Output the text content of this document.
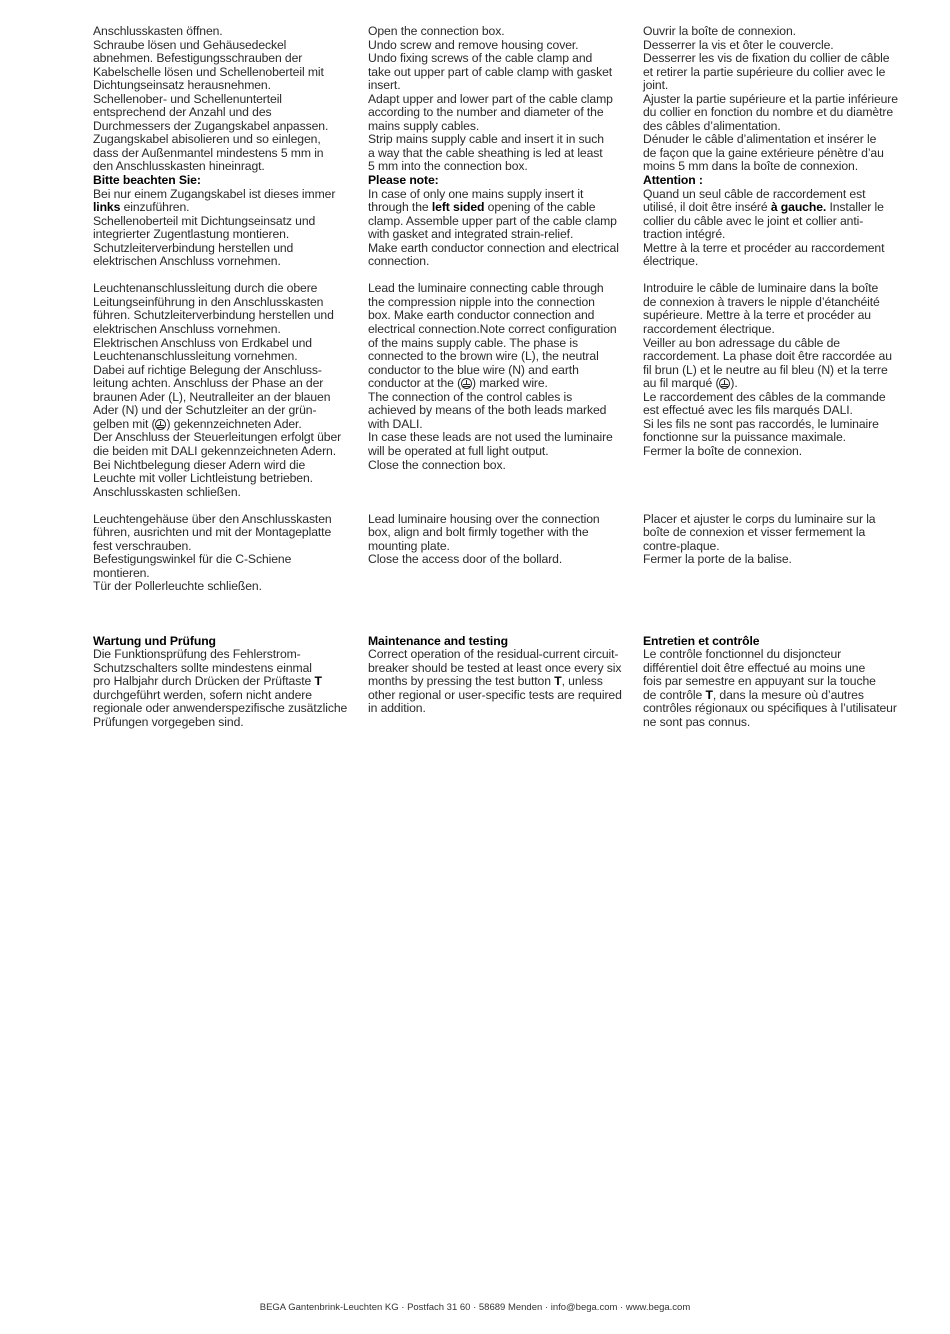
Anschlusskasten öffnen.
Schraube lösen und Gehäusedeckel
abnehmen. Befestigungsschrauben der
Kabelschelle lösen und Schellenoberteil mit
Dichtungseinsatz herausnehmen.
Schellenober- und Schellenunterteil
entsprechend der Anzahl und des
Durchmessers der Zugangskabel anpassen.
Zugangskabel abisolieren und so einlegen,
dass der Außenmantel mindestens 5 mm in
den Anschlusskasten hineinragt.
Bitte beachten Sie:
Bei nur einem Zugangskabel ist dieses immer
links einzuführen.
Schellenoberteil mit Dichtungseinsatz und
integrierter Zugentlastung montieren.
Schutzleiterverbindung herstellen und
elektrischen Anschluss vornehmen.
Leuchtenanschlussleitung durch die obere
Leitungseinführung in den Anschlusskasten
führen. Schutzleiterverbindung herstellen und
elektrischen Anschluss vornehmen.
Elektrischen Anschluss von Erdkabel und
Leuchtenanschlussleitung vornehmen.
Dabei auf richtige Belegung der Anschluss-
leitung achten. Anschluss der Phase an der
braunen Ader (L), Neutralleiter an der blauen
Ader (N) und der Schutzleiter an der grün-
gelben mit ( ) gekennzeichneten Ader.
Der Anschluss der Steuerleitungen erfolgt über
die beiden mit DALI gekennzeichneten Adern.
Bei Nichtbelegung dieser Adern wird die
Leuchte mit voller Lichtleistung betrieben.
Anschlusskasten schließen.
Leuchtengehäuse über den Anschlusskasten
führen, ausrichten und mit der Montageplatte
fest verschrauben.
Befestigungswinkel für die C-Schiene
montieren.
Tür der Pollerleuchte schließen.
Wartung und Prüfung
Die Funktionsprüfung des Fehlerstrom-
Schutzschalters sollte mindestens einmal
pro Halbjahr durch Drücken der Prüftaste T
durchgeführt werden, sofern nicht andere
regionale oder anwenderspezifische zusätzliche
Prüfungen vorgegeben sind.
Open the connection box.
Undo screw and remove housing cover.
Undo fixing screws of the cable clamp and
take out upper part of cable clamp with gasket
insert.
Adapt upper and lower part of the cable clamp
according to the number and diameter of the
mains supply cables.
Strip mains supply cable and insert it in such
a way that the cable sheathing is led at least
5 mm into the connection box.
Please note:
In case of only one mains supply insert it
through the left sided opening of the cable
clamp. Assemble upper part of the cable clamp
with gasket and integrated strain-relief.
Make earth conductor connection and electrical
connection.
Lead the luminaire connecting cable through
the compression nipple into the connection
box. Make earth conductor connection and
electrical connection.Note correct configuration
of the mains supply cable. The phase is
connected to the brown wire (L), the neutral
conductor to the blue wire (N) and earth
conductor at the ( ) marked wire.
The connection of the control cables is
achieved by means of the both leads marked
with DALI.
In case these leads are not used the luminaire
will be operated at full light output.
Close the connection box.
Lead luminaire housing over the connection
box, align and bolt firmly together with the
mounting plate.
Close the access door of the bollard.
Maintenance and testing
Correct operation of the residual-current circuit-
breaker should be tested at least once every six
months by pressing the test button T, unless
other regional or user-specific tests are required
in addition.
Ouvrir la boîte de connexion.
Desserrer la vis et ôter le couvercle.
Desserrer les vis de fixation du collier de câble
et retirer la partie supérieure du collier avec le
joint.
Ajuster la partie supérieure et la partie inférieure
du collier en fonction du nombre et du diamètre
des câbles d’alimentation.
Dénuder le câble d’alimentation et insérer le
de façon que la gaine extérieure pénètre d’au
moins 5 mm dans la boîte de connexion.
Attention :
Quand un seul câble de raccordement est
utilisé, il doit être inséré à gauche. Installer le
collier du câble avec le joint et collier anti-
traction intégré.
Mettre à la terre et procéder au raccordement
électrique.
Introduire le câble de luminaire dans la boîte
de connexion à travers le nipple d’étanchéité
supérieure. Mettre à la terre et procéder au
raccordement électrique.
Veiller au bon adressage du câble de
raccordement. La phase doit être raccordée au
fil brun (L) et le neutre au fil bleu (N) et la terre
au fil marqué ( ).
Le raccordement des câbles de la commande
est effectué avec les fils marqués DALI.
Si les fils ne sont pas raccordés, le luminaire
fonctionne sur la puissance maximale.
Fermer la boîte de connexion.
Placer et ajuster le corps du luminaire sur la
boîte de connexion et visser fermement la
contre-plaque.
Fermer la porte de la balise.
Entretien et contrôle
Le contrôle fonctionnel du disjoncteur
différentiel doit être effectué au moins une
fois par semestre en appuyant sur la touche
de contrôle T, dans la mesure où d’autres
contrôles régionaux ou spécifiques à l’utilisateur
ne sont pas connus.
BEGA Gantenbrink-Leuchten KG · Postfach 31 60 · 58689 Menden · info@bega.com · www.bega.com
